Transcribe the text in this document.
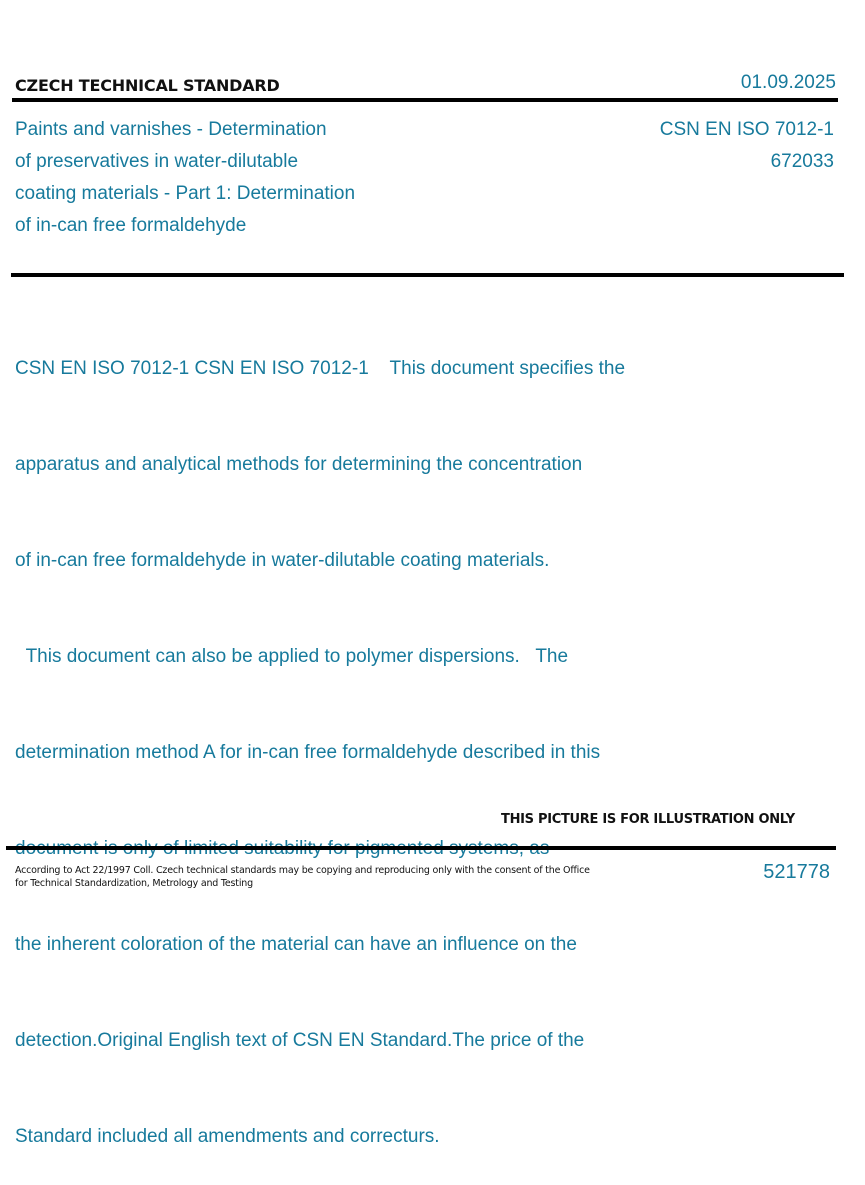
CZECH TECHNICAL STANDARD	01.09.2025
Paints and varnishes - Determination
of preservatives in water-dilutable
coating materials - Part 1: Determination
of in-can free formaldehyde
CSN EN ISO 7012-1
672033

CSN EN ISO 7012-1 CSN EN ISO 7012-1    This document specifies the

apparatus and analytical methods for determining the concentration

of in-can free formaldehyde in water-dilutable coating materials.

This document can also be applied to polymer dispersions.   The

determination method A for in-can free formaldehyde described in this

the inherent coloration of the material can have an influence on the

detection.Original English text of CSN EN Standard.The price of the

Standard included all amendments and correcturs.

THIS PICTURE IS FOR ILLUSTRATION ONLY
According to Act 22/1997 Coll. Czech technical standards may be copying and reproducing only with the consent of the Office
for Technical Standardization, Metrology and Testing
521778
